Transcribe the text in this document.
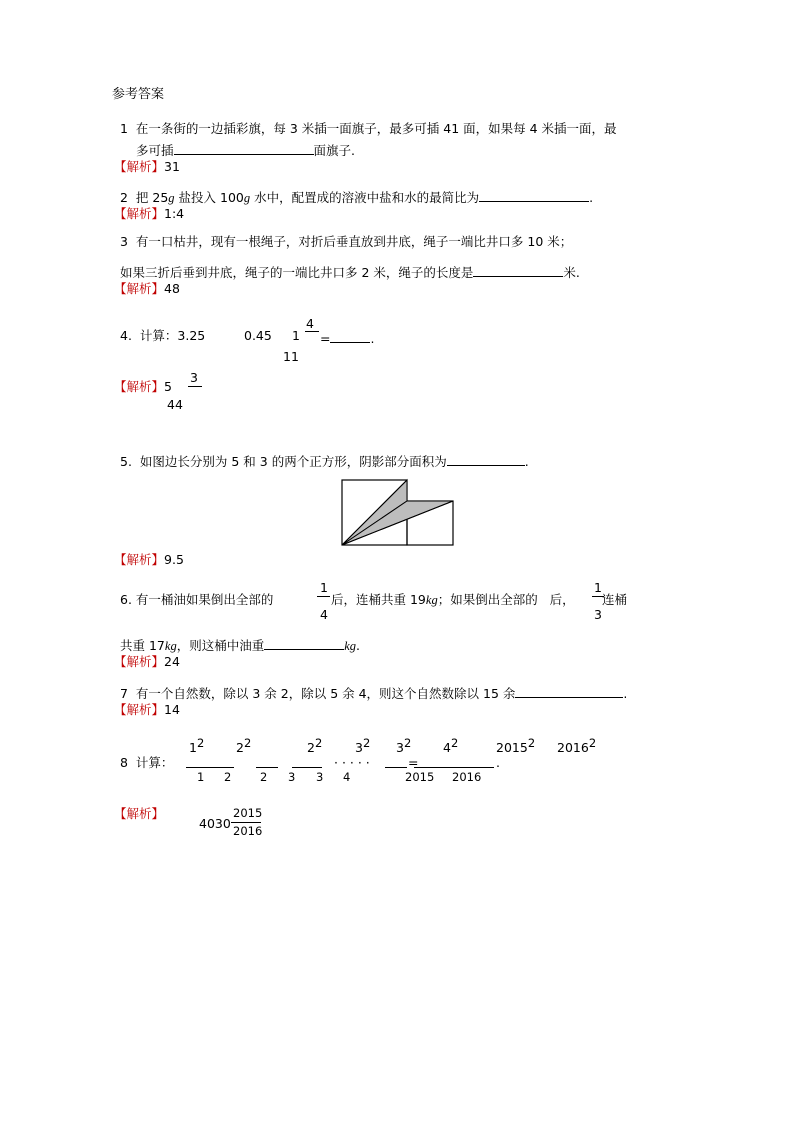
参考答案
1 在一条街的一边插彩旗，每 3 米插一面旗子，最多可插 41 面，如果每 4 米插一面，最
多可插	面旗子.
【解析】31
2 把 25g 盐投入 100g 水中，配置成的溶液中盐和水的最简比为	.
【解析】1:4
3 有一口枯井，现有一根绳子，对折后垂直放到井底，绳子一端比井口多 10 米；
如果三折后垂到井底，绳子的一端比井口多 2 米，绳子的长度是	米.
【解析】48
4. 计算：3.25	0.45 1
4
11
=	.
【解析】5
3
44
5. 如图边长分别为 5 和 3 的两个正方形，阴影部分面积为	.
【解析】9.5
6. 有一桶油如果倒出全部的
1
4
后，连桶共重 19kg；如果倒出全部的 后，
1
3
连桶
共重 17kg，则这桶中油重	kg.
【解析】24
7 有一个自然数，除以 3 余 2，除以 5 余 4，则这个自然数除以 15 余	.
【解析】14
8 计算：
$1^2$	$2^2$	$2^2$	$3^2$ $3^2$	$4^2$	2015$^2$ $2016^2$
· · · · ·	=	.
1 2 2 3 3 4	2015 2016
【解析】
4030
2015
2016
